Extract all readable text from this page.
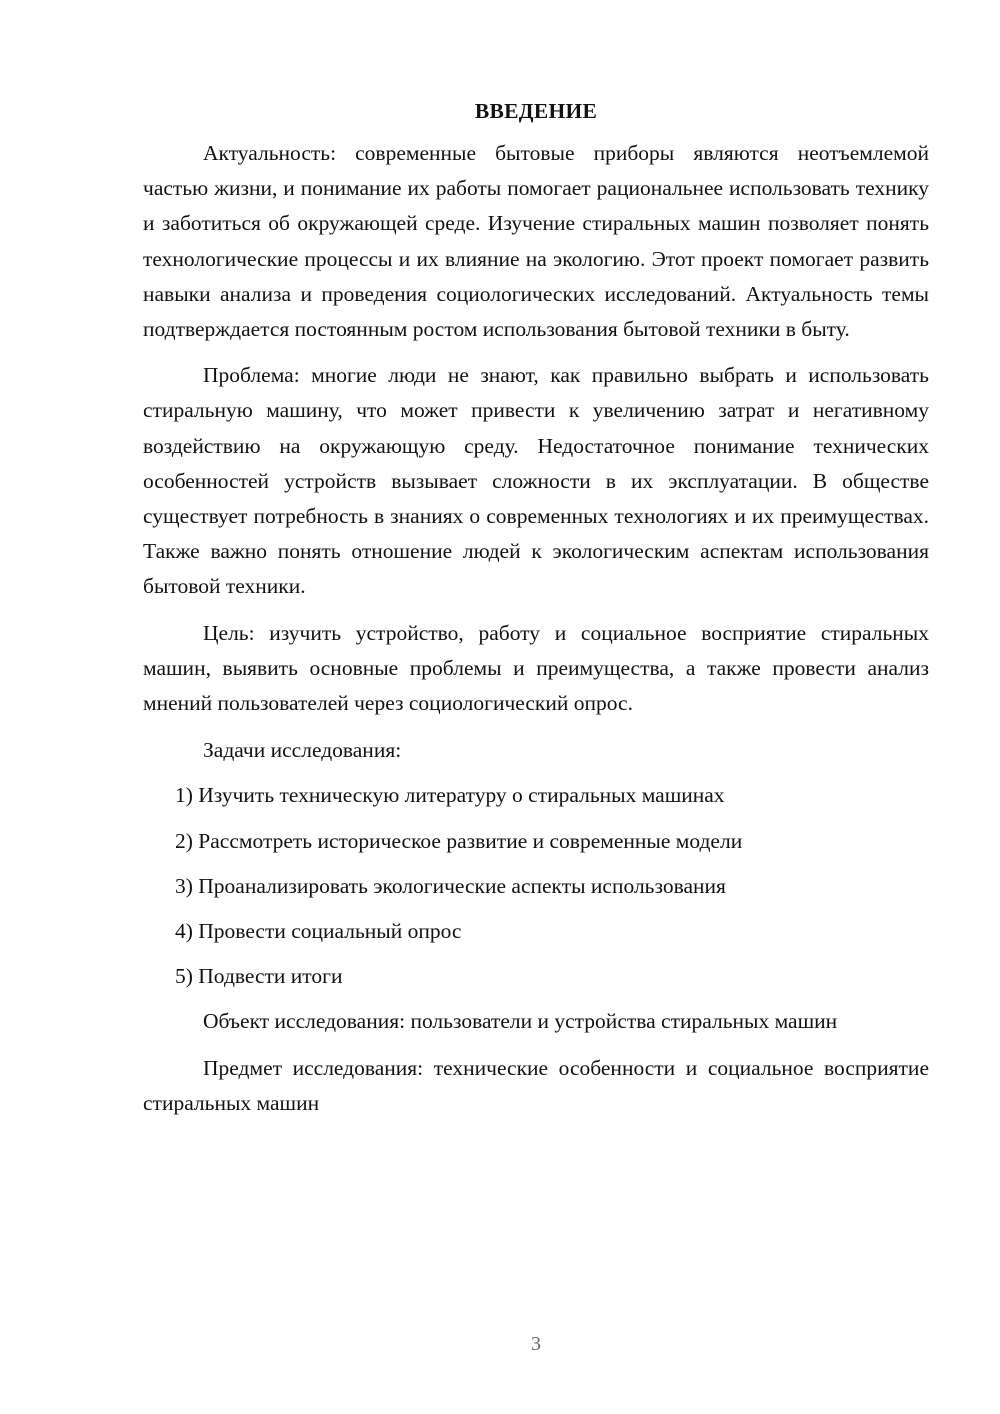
ВВЕДЕНИЕ

Актуальность: современные бытовые приборы являются неотъемлемой частью жизни, и понимание их работы помогает рациональнее использовать технику и заботиться об окружающей среде. Изучение стиральных машин позволяет понять технологические процессы и их влияние на экологию. Этот проект помогает развить навыки анализа и проведения социологических исследований. Актуальность темы подтверждается постоянным ростом использования бытовой техники в быту.

Проблема: многие люди не знают, как правильно выбрать и использовать стиральную машину, что может привести к увеличению затрат и негативному воздействию на окружающую среду. Недостаточное понимание технических особенностей устройств вызывает сложности в их эксплуатации. В обществе существует потребность в знаниях о современных технологиях и их преимуществах. Также важно понять отношение людей к экологическим аспектам использования бытовой техники.

Цель: изучить устройство, работу и социальное восприятие стиральных машин, выявить основные проблемы и преимущества, а также провести анализ мнений пользователей через социологический опрос.

Задачи исследования:

1) Изучить техническую литературу о стиральных машинах
2) Рассмотреть историческое развитие и современные модели
3) Проанализировать экологические аспекты использования
4) Провести социальный опрос
5) Подвести итоги

Объект исследования: пользователи и устройства стиральных машин

Предмет исследования: технические особенности и социальное восприятие стиральных машин

3
